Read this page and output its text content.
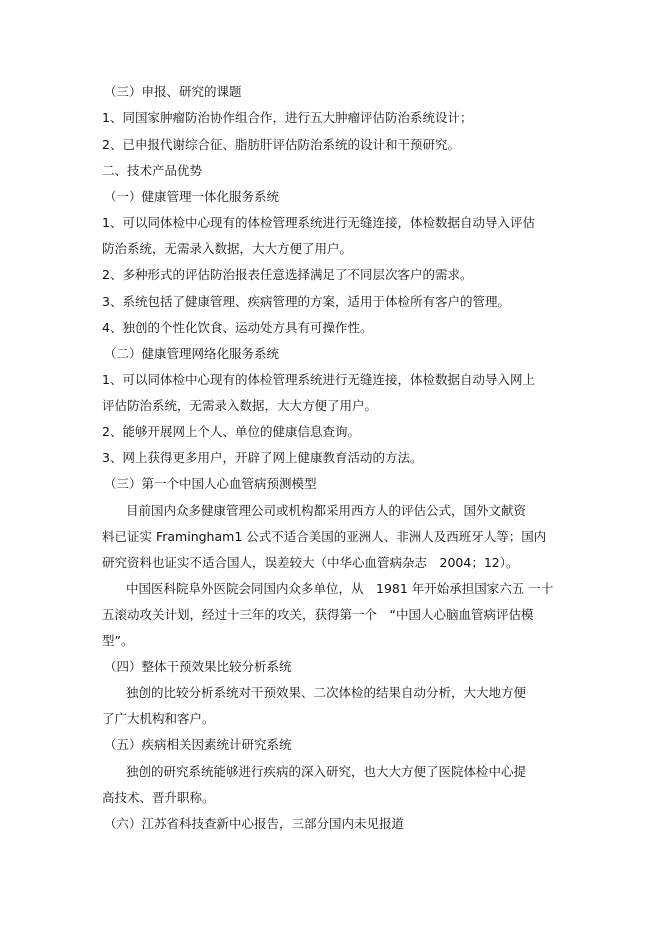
（三）申报、研究的课题
1、同国家肿瘤防治协作组合作，进行五大肿瘤评估防治系统设计；
2、已申报代谢综合征、脂肪肝评估防治系统的设计和干预研究。
二、技术产品优势
（一）健康管理一体化服务系统
1、可以同体检中心现有的体检管理系统进行无缝连接，体检数据自动导入评估
防治系统，无需录入数据，大大方便了用户。
2、多种形式的评估防治报表任意选择满足了不同层次客户的需求。
3、系统包括了健康管理、疾病管理的方案，适用于体检所有客户的管理。
4、独创的个性化饮食、运动处方具有可操作性。
（二）健康管理网络化服务系统
1、可以同体检中心现有的体检管理系统进行无缝连接，体检数据自动导入网上
评估防治系统，无需录入数据，大大方便了用户。
2、能够开展网上个人、单位的健康信息查询。
3、网上获得更多用户，开辟了网上健康教育活动的方法。
（三）第一个中国人心血管病预测模型
目前国内众多健康管理公司或机构都采用西方人的评估公式，国外文献资
料已证实 Framingham1 公式不适合美国的亚洲人、非洲人及西班牙人等；国内
研究资料也证实不适合国人，误差较大（中华心血管病杂志　2004；12）。
中国医科院阜外医院会同国内众多单位，从　1981 年开始承担国家六五 一十
五滚动攻关计划，经过十三年的攻关，获得第一个　“中国人心脑血管病评估模
型”。
（四）整体干预效果比较分析系统
独创的比较分析系统对干预效果、二次体检的结果自动分析，大大地方便
了广大机构和客户。
（五）疾病相关因素统计研究系统
独创的研究系统能够进行疾病的深入研究，也大大方便了医院体检中心提
高技术、晋升职称。
（六）江苏省科技查新中心报告，三部分国内未见报道
